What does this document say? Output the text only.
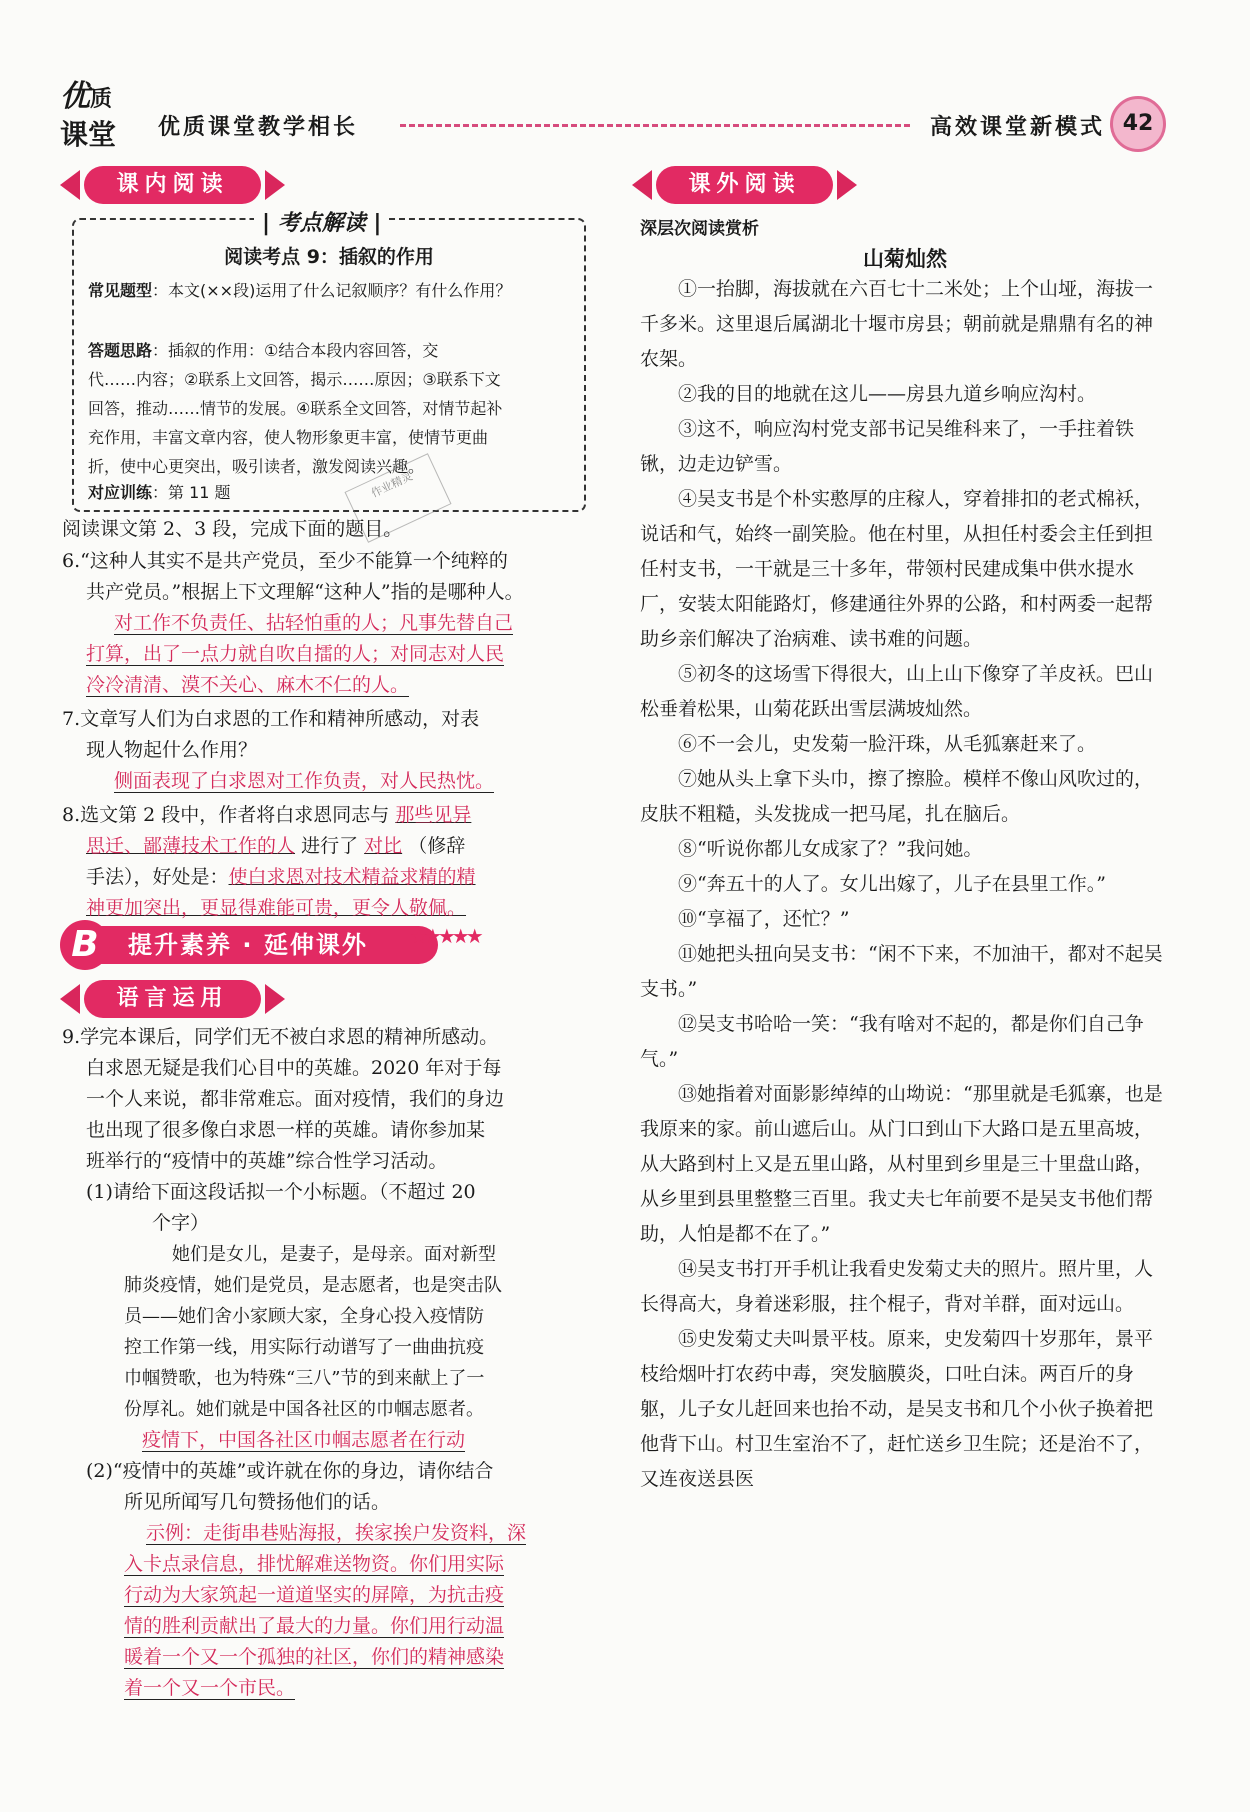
优质
课堂	优质课堂教学相长	高效课堂新模式 42
课内阅读
| 考点解读 |
阅读考点 9：插叙的作用
常见题型：本文(××段)运用了什么记叙顺序？有什么作用？
答题思路：插叙的作用：①结合本段内容回答，交
代……内容；②联系上文回答，揭示……原因；③联系下文
回答，推动……情节的发展。④联系全文回答，对情节起补
充作用，丰富文章内容，使人物形象更丰富，使情节更曲
折，使中心更突出，吸引读者，激发阅读兴趣。
对应训练：第 11 题	作业精灵
阅读课文第 2、3 段，完成下面的题目。
6.“这种人其实不是共产党员，至少不能算一个纯粹的
共产党员。”根据上下文理解“这种人”指的是哪种人。
对工作不负责任、拈轻怕重的人；凡事先替自己
打算，出了一点力就自吹自擂的人；对同志对人民
冷冷清清、漠不关心、麻木不仁的人。
7.文章写人们为白求恩的工作和精神所感动，对表
现人物起什么作用？
侧面表现了白求恩对工作负责，对人民热忱。
8.选文第 2 段中，作者将白求恩同志与 那些见异
思迁、鄙薄技术工作的人 进行了 对比 （修辞
手法），好处是：使白求恩对技术精益求精的精
神更加突出，更显得难能可贵，更令人敬佩。
提升素养 · 延伸课外
B	★★★★★
语言运用
9.学完本课后，同学们无不被白求恩的精神所感动。
白求恩无疑是我们心目中的英雄。2020 年对于每
一个人来说，都非常难忘。面对疫情，我们的身边
也出现了很多像白求恩一样的英雄。请你参加某
班举行的“疫情中的英雄”综合性学习活动。
(1)请给下面这段话拟一个小标题。（不超过 20
个字）
她们是女儿，是妻子，是母亲。面对新型
肺炎疫情，她们是党员，是志愿者，也是突击队
员——她们舍小家顾大家，全身心投入疫情防
控工作第一线，用实际行动谱写了一曲曲抗疫
巾帼赞歌，也为特殊“三八”节的到来献上了一
份厚礼。她们就是中国各社区的巾帼志愿者。
疫情下，中国各社区巾帼志愿者在行动
(2)“疫情中的英雄”或许就在你的身边，请你结合
所见所闻写几句赞扬他们的话。
示例：走街串巷贴海报，挨家挨户发资料，深
入卡点录信息，排忧解难送物资。你们用实际
行动为大家筑起一道道坚实的屏障，为抗击疫
情的胜利贡献出了最大的力量。你们用行动温
暖着一个又一个孤独的社区，你们的精神感染
着一个又一个市民。
课外阅读
深层次阅读赏析
山菊灿然
①一抬脚，海拔就在六百七十二米处；上个山垭，海拔一千多米。这里退后属湖北十堰市房县；朝前就是鼎鼎有名的神农架。
②我的目的地就在这儿——房县九道乡响应沟村。
③这不，响应沟村党支部书记吴维科来了，一手拄着铁锹，边走边铲雪。
④吴支书是个朴实憨厚的庄稼人，穿着排扣的老式棉袄，说话和气，始终一副笑脸。他在村里，从担任村委会主任到担任村支书，一干就是三十多年，带领村民建成集中供水提水厂，安装太阳能路灯，修建通往外界的公路，和村两委一起帮助乡亲们解决了治病难、读书难的问题。
⑤初冬的这场雪下得很大，山上山下像穿了羊皮袄。巴山松垂着松果，山菊花跃出雪层满坡灿然。
⑥不一会儿，史发菊一脸汗珠，从毛狐寨赶来了。
⑦她从头上拿下头巾，擦了擦脸。模样不像山风吹过的，皮肤不粗糙，头发拢成一把马尾，扎在脑后。
⑧“听说你都儿女成家了？”我问她。
⑨“奔五十的人了。女儿出嫁了，儿子在县里工作。”
⑩“享福了，还忙？”
⑪她把头扭向吴支书：“闲不下来，不加油干，都对不起吴支书。”
⑫吴支书哈哈一笑：“我有啥对不起的，都是你们自己争气。”
⑬她指着对面影影绰绰的山坳说：“那里就是毛狐寨，也是我原来的家。前山遮后山。从门口到山下大路口是五里高坡，从大路到村上又是五里山路，从村里到乡里是三十里盘山路，从乡里到县里整整三百里。我丈夫七年前要不是吴支书他们帮助，人怕是都不在了。”
⑭吴支书打开手机让我看史发菊丈夫的照片。照片里，人长得高大，身着迷彩服，拄个棍子，背对羊群，面对远山。
⑮史发菊丈夫叫景平枝。原来，史发菊四十岁那年，景平枝给烟叶打农药中毒，突发脑膜炎，口吐白沫。两百斤的身躯，儿子女儿赶回来也抬不动，是吴支书和几个小伙子换着把他背下山。村卫生室治不了，赶忙送乡卫生院；还是治不了，又连夜送县医
